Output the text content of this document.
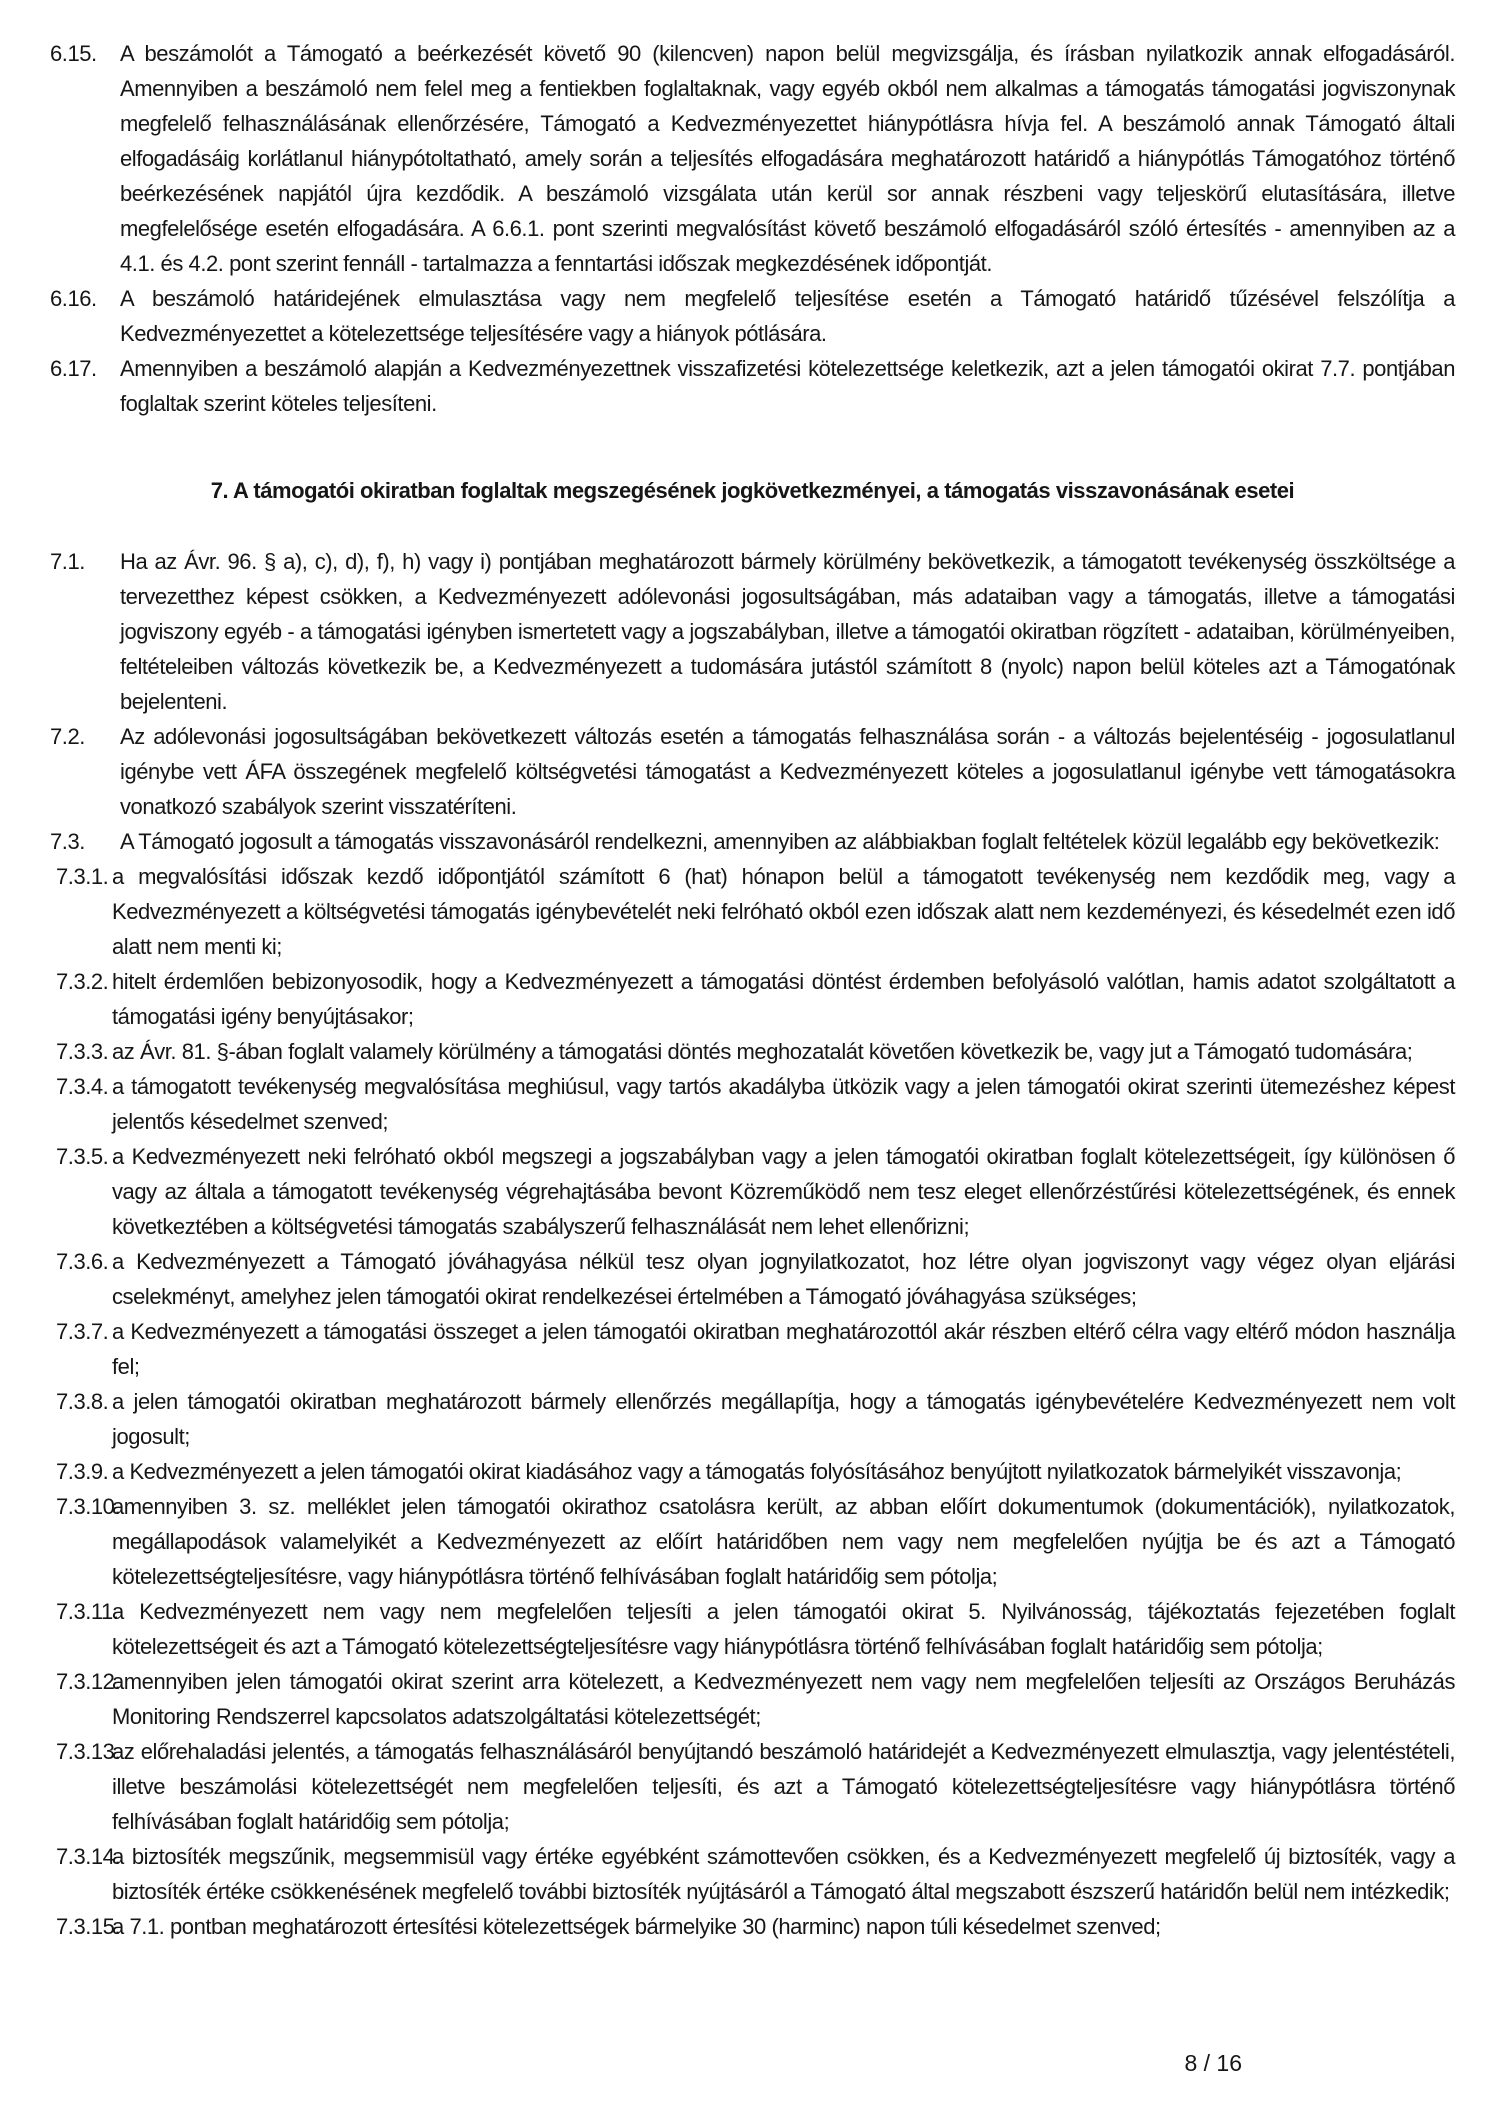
6.15. A beszámolót a Támogató a beérkezését követő 90 (kilencven) napon belül megvizsgálja, és írásban nyilatkozik annak elfogadásáról. Amennyiben a beszámoló nem felel meg a fentiekben foglaltaknak, vagy egyéb okból nem alkalmas a támogatás támogatási jogviszonynak megfelelő felhasználásának ellenőrzésére, Támogató a Kedvezményezettet hiánypótlásra hívja fel. A beszámoló annak Támogató általi elfogadásáig korlátlanul hiánypótoltatható, amely során a teljesítés elfogadására meghatározott határidő a hiánypótlás Támogatóhoz történő beérkezésének napjától újra kezdődik. A beszámoló vizsgálata után kerül sor annak részbeni vagy teljeskörű elutasítására, illetve megfelelősége esetén elfogadására. A 6.6.1. pont szerinti megvalósítást követő beszámoló elfogadásáról szóló értesítés - amennyiben az a 4.1. és 4.2. pont szerint fennáll - tartalmazza a fenntartási időszak megkezdésének időpontját.
6.16. A beszámoló határidejének elmulasztása vagy nem megfelelő teljesítése esetén a Támogató határidő tűzésével felszólítja a Kedvezményezettet a kötelezettsége teljesítésére vagy a hiányok pótlására.
6.17. Amennyiben a beszámoló alapján a Kedvezményezettnek visszafizetési kötelezettsége keletkezik, azt a jelen támogatói okirat 7.7. pontjában foglaltak szerint köteles teljesíteni.
7. A támogatói okiratban foglaltak megszegésének jogkövetkezményei, a támogatás visszavonásának esetei
7.1. Ha az Ávr. 96. § a), c), d), f), h) vagy i) pontjában meghatározott bármely körülmény bekövetkezik, a támogatott tevékenység összköltsége a tervezetthez képest csökken, a Kedvezményezett adólevonási jogosultságában, más adataiban vagy a támogatás, illetve a támogatási jogviszony egyéb - a támogatási igényben ismertetett vagy a jogszabályban, illetve a támogatói okiratban rögzített - adataiban, körülményeiben, feltételeiben változás következik be, a Kedvezményezett a tudomására jutástól számított 8 (nyolc) napon belül köteles azt a Támogatónak bejelenteni.
7.2. Az adólevonási jogosultságában bekövetkezett változás esetén a támogatás felhasználása során - a változás bejelentéséig - jogosulatlanul igénybe vett ÁFA összegének megfelelő költségvetési támogatást a Kedvezményezett köteles a jogosulatlanul igénybe vett támogatásokra vonatkozó szabályok szerint visszatéríteni.
7.3. A Támogató jogosult a támogatás visszavonásáról rendelkezni, amennyiben az alábbiakban foglalt feltételek közül legalább egy bekövetkezik:
7.3.1. a megvalósítási időszak kezdő időpontjától számított 6 (hat) hónapon belül a támogatott tevékenység nem kezdődik meg, vagy a Kedvezményezett a költségvetési támogatás igénybevételét neki felróható okból ezen időszak alatt nem kezdeményezi, és késedelmét ezen idő alatt nem menti ki;
7.3.2. hitelt érdemlően bebizonyosodik, hogy a Kedvezményezett a támogatási döntést érdemben befolyásoló valótlan, hamis adatot szolgáltatott a támogatási igény benyújtásakor;
7.3.3. az Ávr. 81. §-ában foglalt valamely körülmény a támogatási döntés meghozatalát követően következik be, vagy jut a Támogató tudomására;
7.3.4. a támogatott tevékenység megvalósítása meghiúsul, vagy tartós akadályba ütközik vagy a jelen támogatói okirat szerinti ütemezéshez képest jelentős késedelmet szenved;
7.3.5. a Kedvezményezett neki felróható okból megszegi a jogszabályban vagy a jelen támogatói okiratban foglalt kötelezettségeit, így különösen ő vagy az általa a támogatott tevékenység végrehajtásába bevont Közreműködő nem tesz eleget ellenőrzéstűrési kötelezettségének, és ennek következtében a költségvetési támogatás szabályszerű felhasználását nem lehet ellenőrizni;
7.3.6. a Kedvezményezett a Támogató jóváhagyása nélkül tesz olyan jognyilatkozatot, hoz létre olyan jogviszonyt vagy végez olyan eljárási cselekményt, amelyhez jelen támogatói okirat rendelkezései értelmében a Támogató jóváhagyása szükséges;
7.3.7. a Kedvezményezett a támogatási összeget a jelen támogatói okiratban meghatározottól akár részben eltérő célra vagy eltérő módon használja fel;
7.3.8. a jelen támogatói okiratban meghatározott bármely ellenőrzés megállapítja, hogy a támogatás igénybevételére Kedvezményezett nem volt jogosult;
7.3.9. a Kedvezményezett a jelen támogatói okirat kiadásához vagy a támogatás folyósításához benyújtott nyilatkozatok bármelyikét visszavonja;
7.3.10.
amennyiben 3. sz. melléklet jelen támogatói okirathoz csatolásra került, az abban előírt dokumentumok (dokumentációk), nyilatkozatok, megállapodások valamelyikét a Kedvezményezett az előírt határidőben nem vagy nem megfelelően nyújtja be és azt a Támogató kötelezettségteljesítésre, vagy hiánypótlásra történő felhívásában foglalt határidőig sem pótolja;
7.3.11.
a Kedvezményezett nem vagy nem megfelelően teljesíti a jelen támogatói okirat 5. Nyilvánosság, tájékoztatás fejezetében foglalt kötelezettségeit és azt a Támogató kötelezettségteljesítésre vagy hiánypótlásra történő felhívásában foglalt határidőig sem pótolja;
7.3.12.
amennyiben jelen támogatói okirat szerint arra kötelezett, a Kedvezményezett nem vagy nem megfelelően teljesíti az Országos Beruházás Monitoring Rendszerrel kapcsolatos adatszolgáltatási kötelezettségét;
7.3.13.
az előrehaladási jelentés, a támogatás felhasználásáról benyújtandó beszámoló határidejét a Kedvezményezett elmulasztja, vagy jelentéstételi, illetve beszámolási kötelezettségét nem megfelelően teljesíti, és azt a Támogató kötelezettségteljesítésre vagy hiánypótlásra történő felhívásában foglalt határidőig sem pótolja;
7.3.14.
a biztosíték megszűnik, megsemmisül vagy értéke egyébként számottevően csökken, és a Kedvezményezett megfelelő új biztosíték, vagy a biztosíték értéke csökkenésének megfelelő további biztosíték nyújtásáról a Támogató által megszabott észszerű határidőn belül nem intézkedik;
7.3.15.
a 7.1. pontban meghatározott értesítési kötelezettségek bármelyike 30 (harminc) napon túli késedelmet szenved;
8 / 16
